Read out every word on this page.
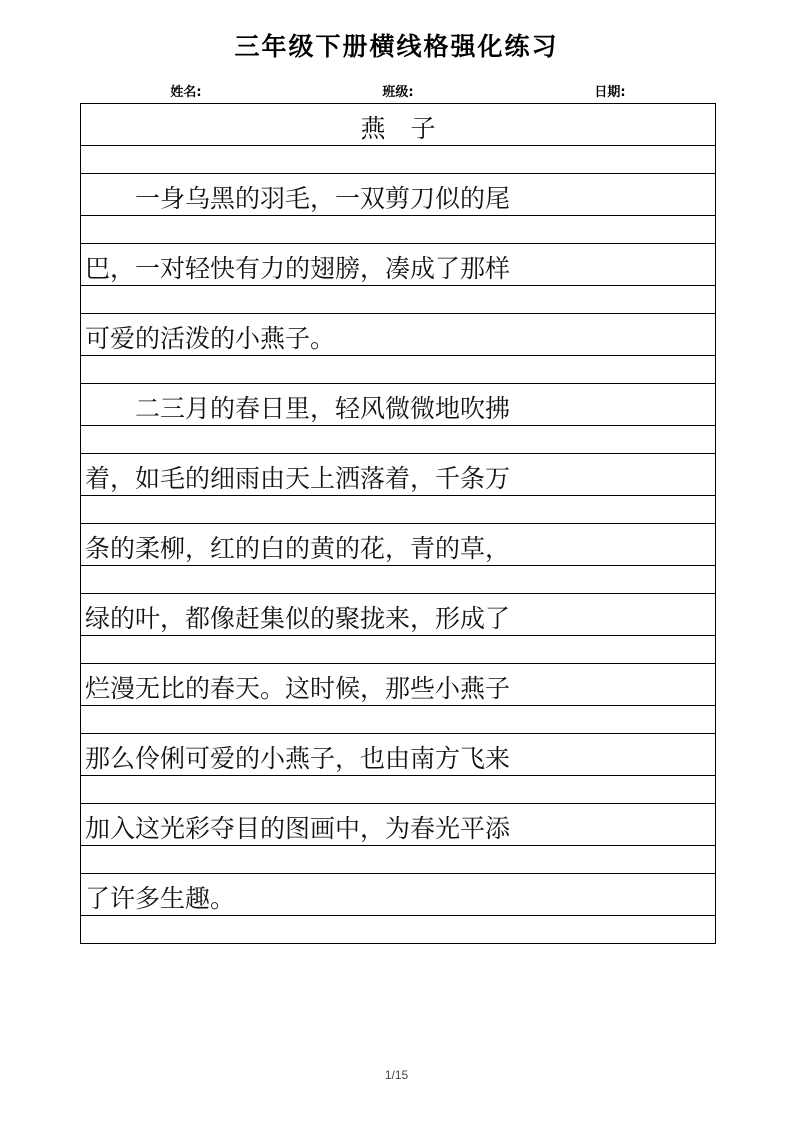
三年级下册横线格强化练习
姓名:	班级:	日期:
燕　子
　　一身乌黑的羽毛，一双剪刀似的尾
巴，一对轻快有力的翅膀，凑成了那样
可爱的活泼的小燕子。
　　二三月的春日里，轻风微微地吹拂
着，如毛的细雨由天上洒落着，千条万
条的柔柳，红的白的黄的花，青的草，
绿的叶，都像赶集似的聚拢来，形成了
烂漫无比的春天。这时候，那些小燕子
那么伶俐可爱的小燕子，也由南方飞来
加入这光彩夺目的图画中，为春光平添
了许多生趣。
1/15
